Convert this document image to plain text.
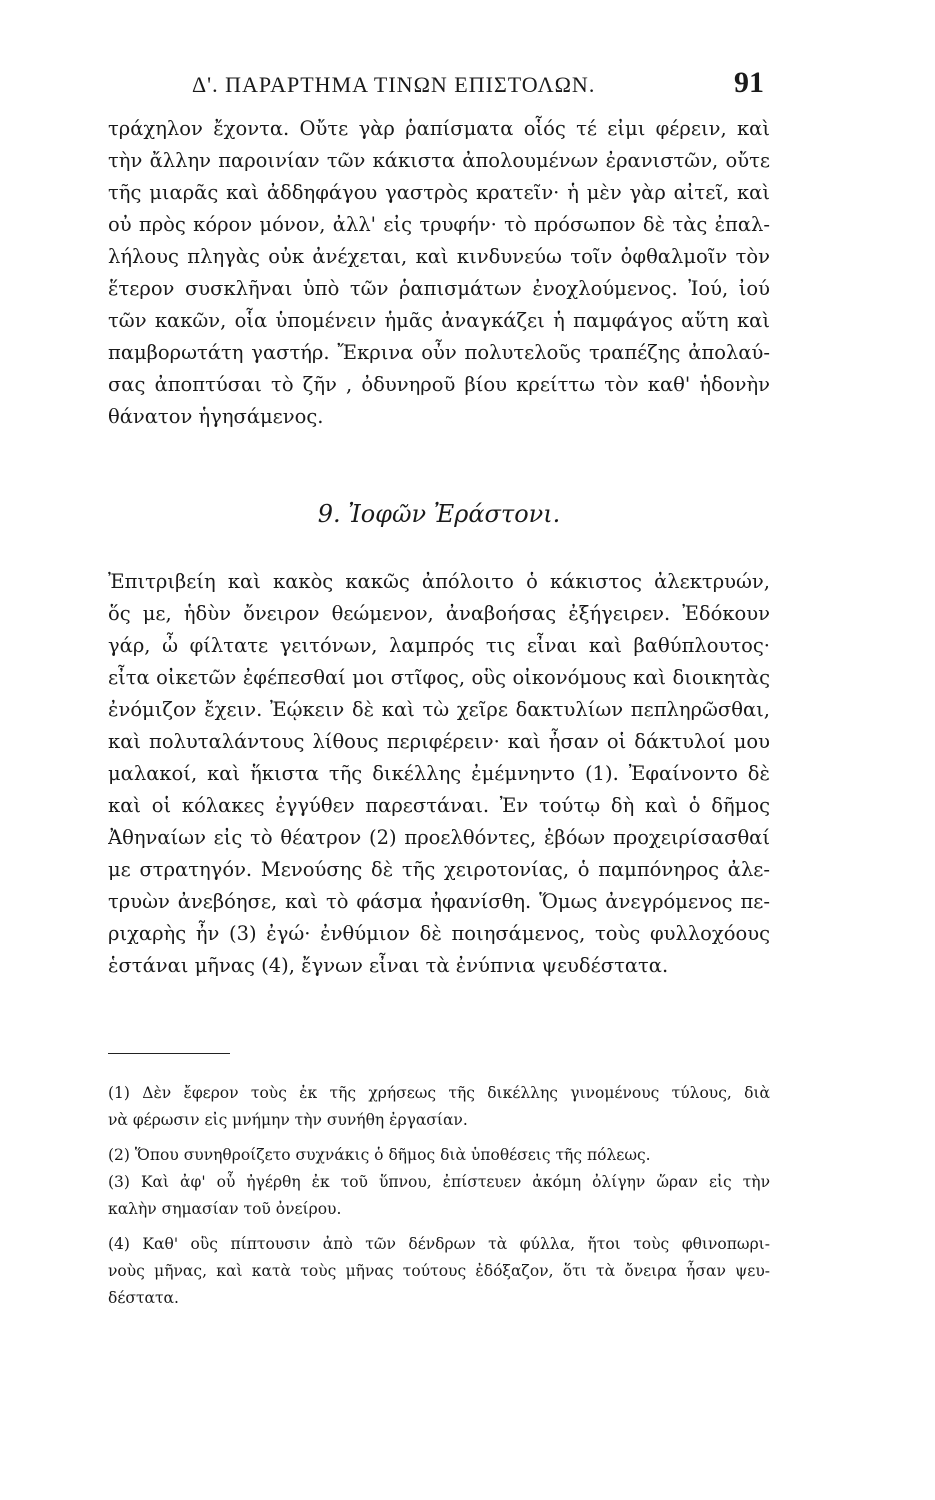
Δ'. ΠΑΡΑΡΤΗΜΑ ΤΙΝΩΝ ΕΠΙΣΤΟΛΩΝ.	91
τράχηλον ἔχοντα. Οὔτε γὰρ ῥαπίσματα οἷός τέ εἰμι φέρειν, καὶ
τὴν ἄλλην παροινίαν τῶν κάκιστα ἀπολουμένων ἐρανιστῶν, οὔτε
τῆς μιαρᾶς καὶ ἀδδηφάγου γαστρὸς κρατεῖν· ἡ μὲν γὰρ αἰτεῖ, καὶ
οὐ πρὸς κόρον μόνον, ἀλλ' εἰς τρυφήν· τὸ πρόσωπον δὲ τὰς ἐπαλ-
λήλους πληγὰς οὐκ ἀνέχεται, καὶ κινδυνεύω τοῖν ὀφθαλμοῖν τὸν
ἕτερον συσκλῆναι ὑπὸ τῶν ῥαπισμάτων ἐνοχλούμενος. Ἰού, ἰού
τῶν κακῶν, οἷα ὑπομένειν ἡμᾶς ἀναγκάζει ἡ παμφάγος αὕτη καὶ
παμβορωτάτη γαστήρ. Ἔκρινα οὖν πολυτελοῦς τραπέζης ἀπολαύ-
σας ἀποπτύσαι τὸ ζῆν , ὀδυνηροῦ βίου κρείττω τὸν καθ' ἡδονὴν
θάνατον ἡγησάμενος.
9. Ἰοφῶν Ἐράστονι.
Ἐπιτριβείη καὶ κακὸς κακῶς ἀπόλοιτο ὁ κάκιστος ἀλεκτρυών,
ὅς με, ἡδὺν ὄνειρον θεώμενον, ἀναβοήσας ἐξήγειρεν. Ἐδόκουν
γάρ, ὦ φίλτατε γειτόνων, λαμπρός τις εἶναι καὶ βαθύπλουτος·
εἶτα οἰκετῶν ἐφέπεσθαί μοι στῖφος, οὓς οἰκονόμους καὶ διοικητὰς
ἐνόμιζον ἔχειν. Ἐῴκειν δὲ καὶ τὼ χεῖρε δακτυλίων πεπληρῶσθαι,
καὶ πολυταλάντους λίθους περιφέρειν· καὶ ἦσαν οἱ δάκτυλοί μου
μαλακοί, καὶ ἥκιστα τῆς δικέλλης ἐμέμνηντο (1). Ἐφαίνοντο δὲ
καὶ οἱ κόλακες ἐγγύθεν παρεστάναι. Ἐν τούτῳ δὴ καὶ ὁ δῆμος
Ἀθηναίων εἰς τὸ θέατρον (2) προελθόντες, ἐβόων προχειρίσασθαί
με στρατηγόν. Μενούσης δὲ τῆς χειροτονίας, ὁ παμπόνηρος ἀλε-
τρυὼν ἀνεβόησε, καὶ τὸ φάσμα ἠφανίσθη. Ὅμως ἀνεγρόμενος πε-
ριχαρὴς ἦν (3) ἐγώ· ἐνθύμιον δὲ ποιησάμενος, τοὺς φυλλοχόους
ἑστάναι μῆνας (4), ἔγνων εἶναι τὰ ἐνύπνια ψευδέστατα.
(1) Δὲν ἔφερον τοὺς ἐκ τῆς χρήσεως τῆς δικέλλης γινομένους τύλους, διὰ
νὰ φέρωσιν εἰς μνήμην τὴν συνήθη ἐργασίαν.
(2) Ὅπου συνηθροίζετο συχνάκις ὁ δῆμος διὰ ὑποθέσεις τῆς πόλεως.
(3) Καὶ ἀφ' οὗ ἠγέρθη ἐκ τοῦ ὕπνου, ἐπίστευεν ἀκόμη ὀλίγην ὥραν εἰς τὴν
καλὴν σημασίαν τοῦ ὀνείρου.
(4) Καθ' οὓς πίπτουσιν ἀπὸ τῶν δένδρων τὰ φύλλα, ἤτοι τοὺς φθινοπωρι-
νοὺς μῆνας, καὶ κατὰ τοὺς μῆνας τούτους ἐδόξαζον, ὅτι τὰ ὄνειρα ἦσαν ψευ-
δέστατα.
